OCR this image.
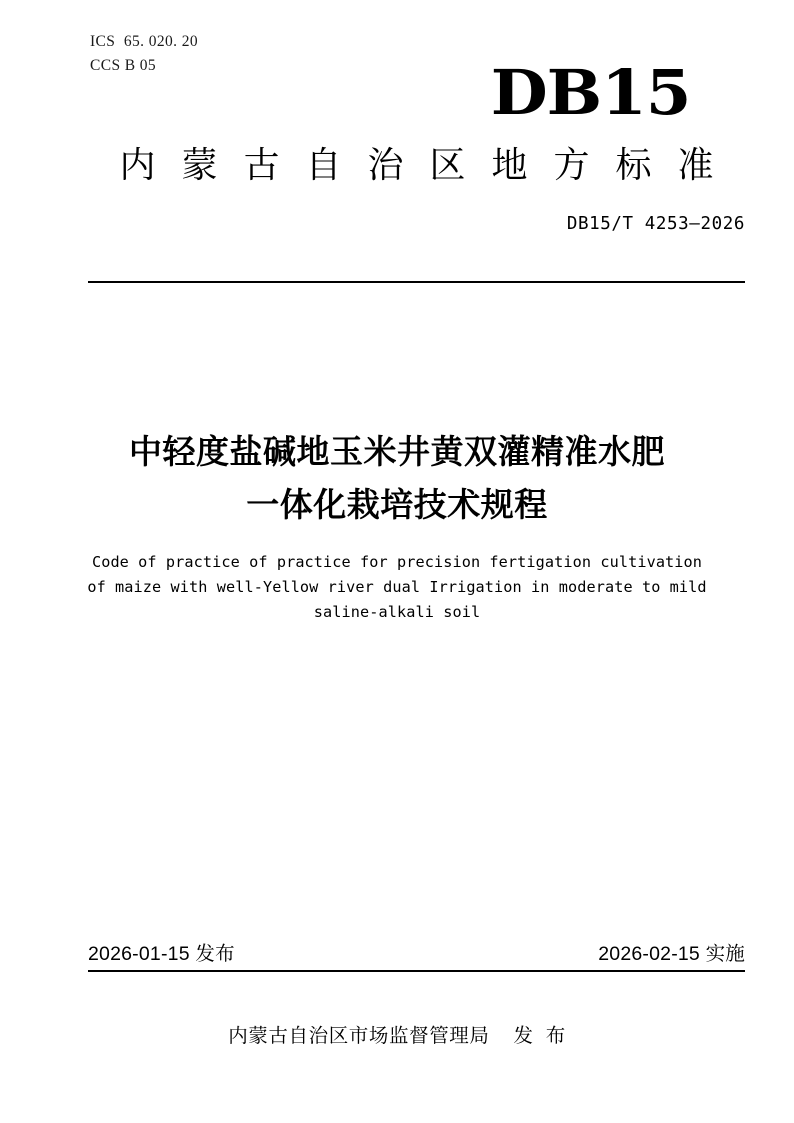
ICS  65. 020. 20
CCS B 05	DB15
内蒙古自治区地方标准
DB15/T 4253—2026
中轻度盐碱地玉米井黄双灌精准水肥
一体化栽培技术规程
Code of practice of practice for precision fertigation cultivation
of maize with well-Yellow river dual Irrigation in moderate to mild
saline-alkali soil
2026-01-15 发布	2026-02-15 实施
内蒙古自治区市场监督管理局    发  布
